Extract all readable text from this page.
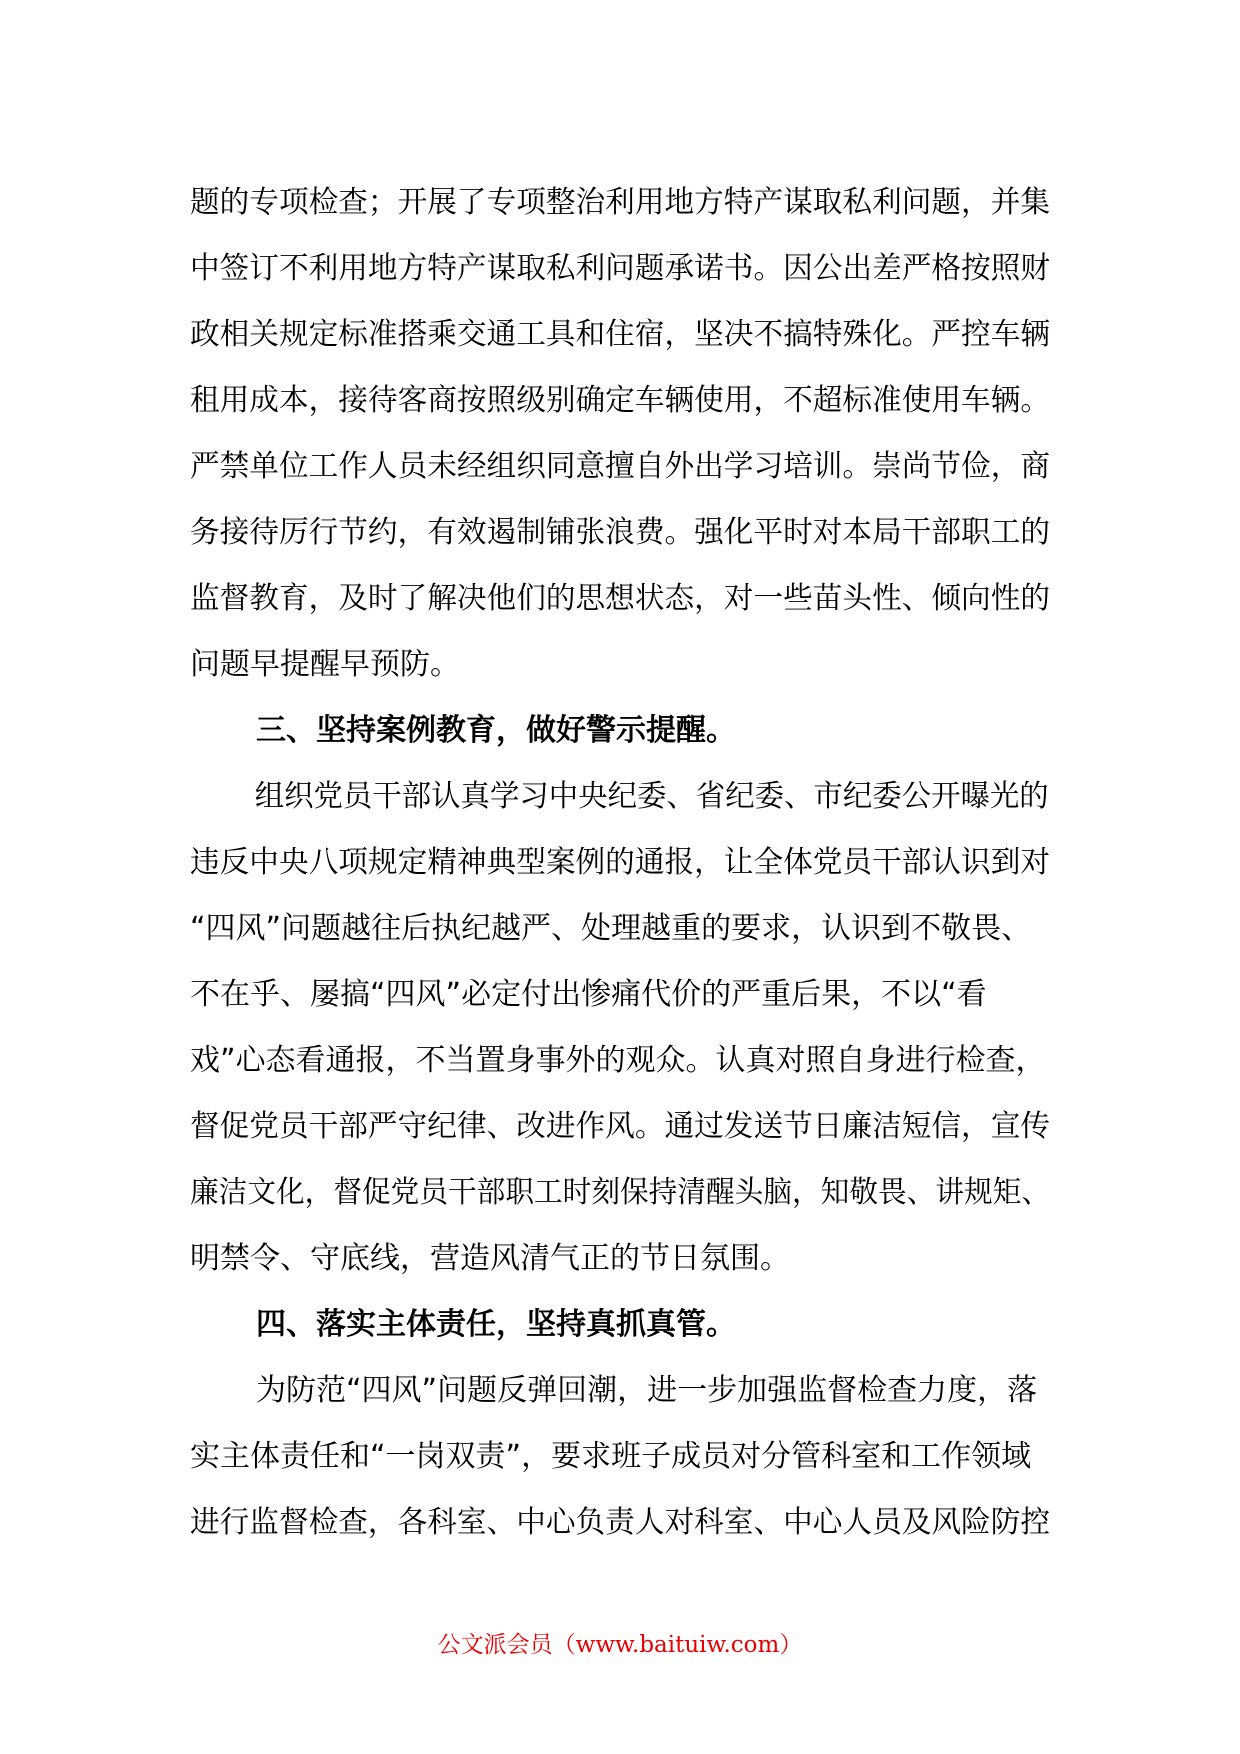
题的专项检查；开展了专项整治利用地方特产谋取私利问题，并集
中签订不利用地方特产谋取私利问题承诺书。因公出差严格按照财
政相关规定标准搭乘交通工具和住宿，坚决不搞特殊化。严控车辆
租用成本，接待客商按照级别确定车辆使用，不超标准使用车辆。
严禁单位工作人员未经组织同意擅自外出学习培训。崇尚节俭，商
务接待厉行节约，有效遏制铺张浪费。强化平时对本局干部职工的
监督教育，及时了解决他们的思想状态，对一些苗头性、倾向性的
问题早提醒早预防。
三、坚持案例教育，做好警示提醒。
组织党员干部认真学习中央纪委、省纪委、市纪委公开曝光的
违反中央八项规定精神典型案例的通报，让全体党员干部认识到对
“四风”问题越往后执纪越严、处理越重的要求，认识到不敬畏、
不在乎、屡搞“四风”必定付出惨痛代价的严重后果，不以“看
戏”心态看通报，不当置身事外的观众。认真对照自身进行检查，
督促党员干部严守纪律、改进作风。通过发送节日廉洁短信，宣传
廉洁文化，督促党员干部职工时刻保持清醒头脑，知敬畏、讲规矩、
明禁令、守底线，营造风清气正的节日氛围。
四、落实主体责任，坚持真抓真管。
为防范“四风”问题反弹回潮，进一步加强监督检查力度，落
实主体责任和“一岗双责”，要求班子成员对分管科室和工作领域
进行监督检查，各科室、中心负责人对科室、中心人员及风险防控
公文派会员（www.baituiw.com）
